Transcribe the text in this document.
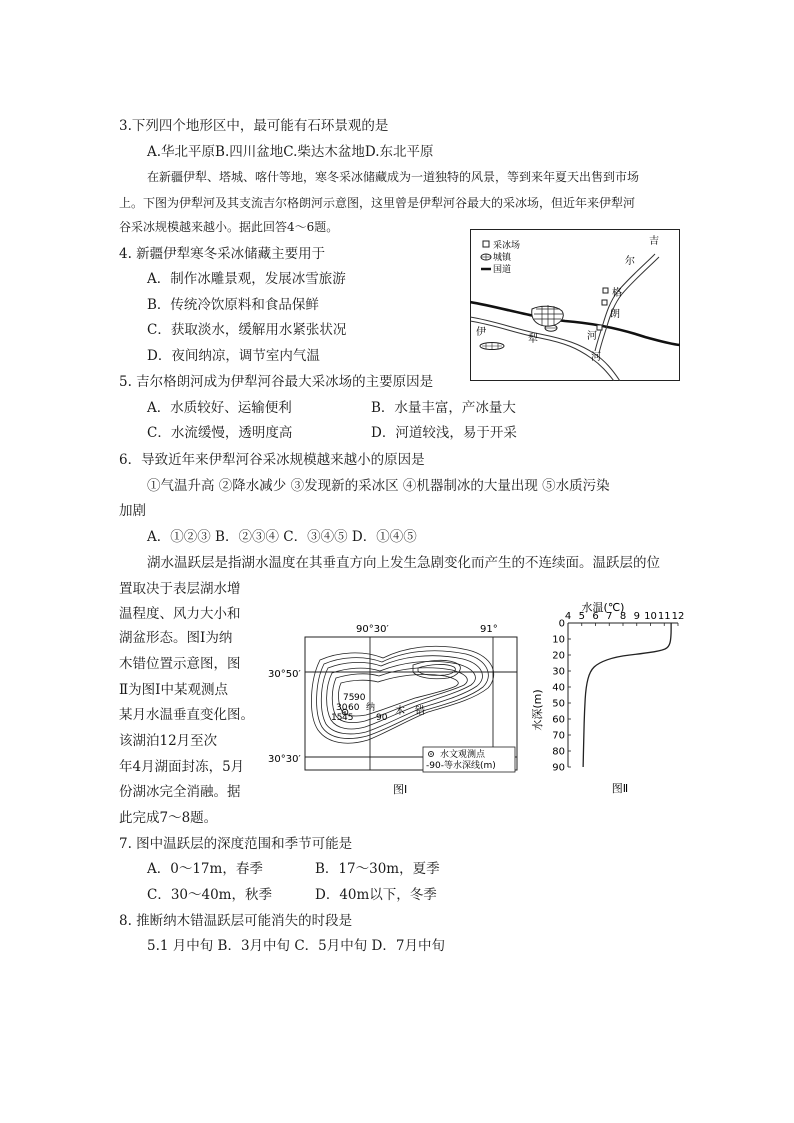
3.下列四个地形区中，最可能有石环景观的是
A.华北平原B.四川盆地C.柴达木盆地D.东北平原
在新疆伊犁、塔城、喀什等地，寒冬采冰储藏成为一道独特的风景，等到来年夏天出售到市场
上。下图为伊犁河及其支流吉尔格朗河示意图，这里曾是伊犁河谷最大的采冰场，但近年来伊犁河
谷采冰规模越来越小。据此回答4～6题。
4. 新疆伊犁寒冬采冰储藏主要用于
A．制作冰雕景观，发展冰雪旅游
B．传统冷饮原料和食品保鲜
C．获取淡水，缓解用水紧张状况
D．夜间纳凉，调节室内气温
采冰场
城镇
国道
吉
尔
格
朗
河
伊
犁
河
5. 吉尔格朗河成为伊犁河谷最大采冰场的主要原因是
A．水质较好、运输便利	B．水量丰富，产冰量大
C．水流缓慢，透明度高	D．河道较浅，易于开采
6．导致近年来伊犁河谷采冰规模越来越小的原因是
①气温升高 ②降水减少 ③发现新的采冰区 ④机器制冰的大量出现 ⑤水质污染
加剧
A．①②③ B．②③④ C．③④⑤ D．①④⑤
湖水温跃层是指湖水温度在其垂直方向上发生急剧变化而产生的不连续面。温跃层的位
置取决于表层湖水增
温程度、风力大小和
湖盆形态。图Ⅰ为纳
木错位置示意图，图
Ⅱ为图Ⅰ中某观测点
某月水温垂直变化图。
该湖泊12月至次
年4月湖面封冻，5月
份湖冰完全消融。据
此完成7～8题。
90°30′	91°
30°50′
30°30′
75 90
30 60
15 45	90
纳 木 错
水文观测点
-90-等水深线(m)
图Ⅰ
水温(℃)
水深(m)
4 5 6 7 8 9 10 11 12
0
10
20
30
40
50
60
70
80
90
图Ⅱ
7. 图中温跃层的深度范围和季节可能是
A．0～17m，春季	B．17～30m，夏季
C．30～40m，秋季	D．40m以下，冬季
8. 推断纳木错温跃层可能消失的时段是
5.1 月中旬 B．3月中旬 C．5月中旬 D．7月中旬
